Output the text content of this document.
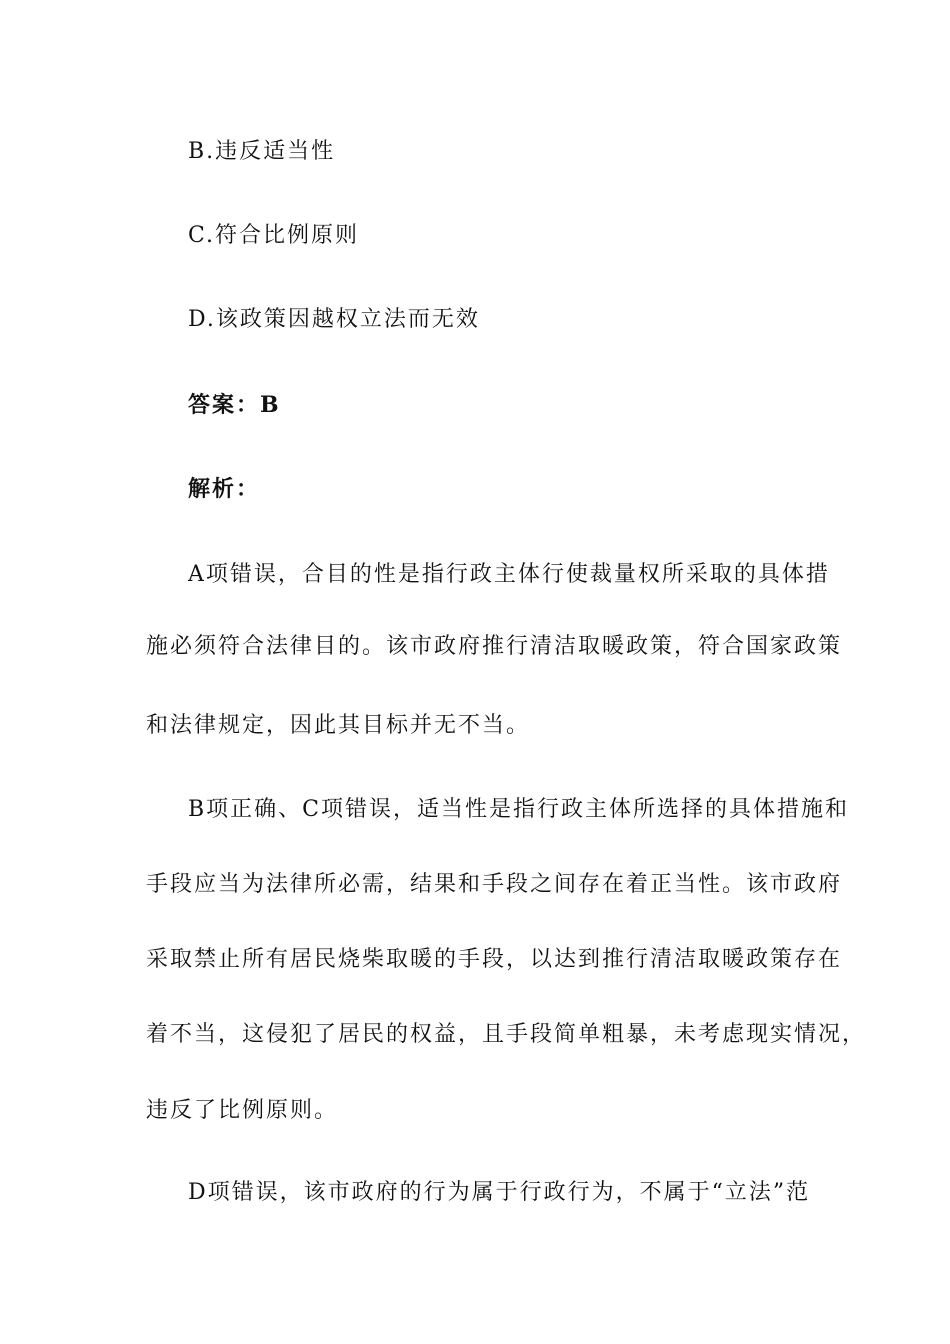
B.违反适当性
C.符合比例原则
D.该政策因越权立法而无效
答案：B
解析：
A项错误，合目的性是指行政主体行使裁量权所采取的具体措
施必须符合法律目的。该市政府推行清洁取暖政策，符合国家政策
和法律规定，因此其目标并无不当。
B项正确、C项错误，适当性是指行政主体所选择的具体措施和
手段应当为法律所必需，结果和手段之间存在着正当性。该市政府
采取禁止所有居民烧柴取暖的手段，以达到推行清洁取暖政策存在
着不当，这侵犯了居民的权益，且手段简单粗暴，未考虑现实情况，
违反了比例原则。
D项错误，该市政府的行为属于行政行为，不属于“立法”范
